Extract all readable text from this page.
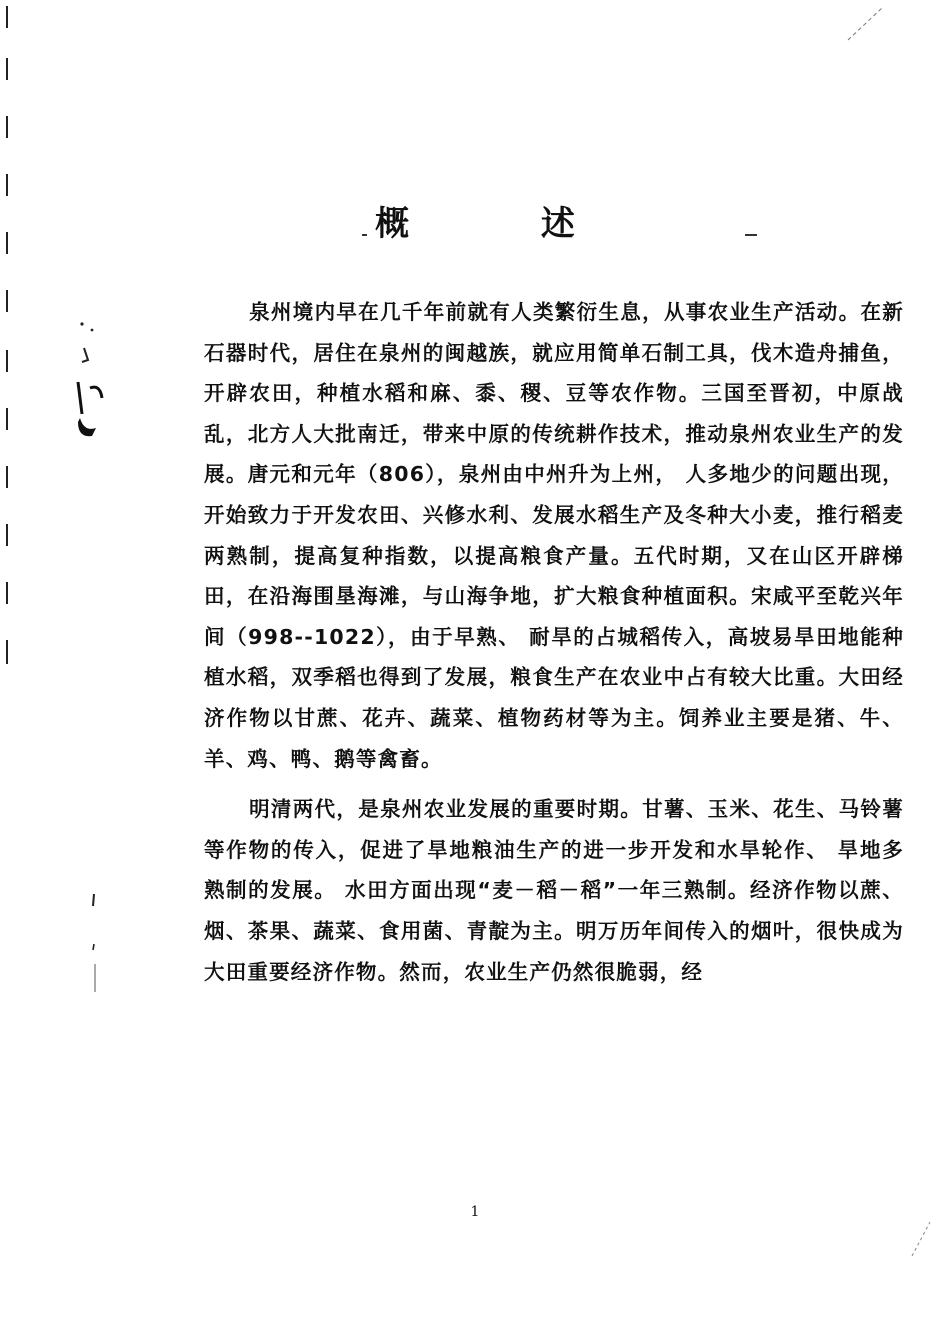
概 述

泉州境内早在几千年前就有人类繁衍生息，从事农业生产活动。在新石器时代，居住在泉州的闽越族，就应用简单石制工具，伐木造舟捕鱼，开辟农田，种植水稻和麻、黍、稷、豆等农作物。三国至晋初，中原战乱，北方人大批南迁，带来中原的传统耕作技术，推动泉州农业生产的发展。唐元和元年（806），泉州由中州升为上州， 人多地少的问题出现，开始致力于开发农田、兴修水利、发展水稻生产及冬种大小麦，推行稻麦两熟制，提高复种指数，以提高粮食产量。五代时期，又在山区开辟梯田，在沿海围垦海滩，与山海争地，扩大粮食种植面积。宋咸平至乾兴年间（998--1022），由于早熟、 耐旱的占城稻传入，高坡易旱田地能种植水稻，双季稻也得到了发展，粮食生产在农业中占有较大比重。大田经济作物以甘蔗、花卉、蔬菜、植物药材等为主。饲养业主要是猪、牛、羊、鸡、鸭、鹅等禽畜。

明清两代，是泉州农业发展的重要时期。甘薯、玉米、花生、马铃薯等作物的传入，促进了旱地粮油生产的进一步开发和水旱轮作、 旱地多熟制的发展。 水田方面出现“麦－稻－稻”一年三熟制。经济作物以蔗、烟、茶果、蔬菜、食用菌、青靛为主。明万历年间传入的烟叶，很快成为大田重要经济作物。然而，农业生产仍然很脆弱，经

1
